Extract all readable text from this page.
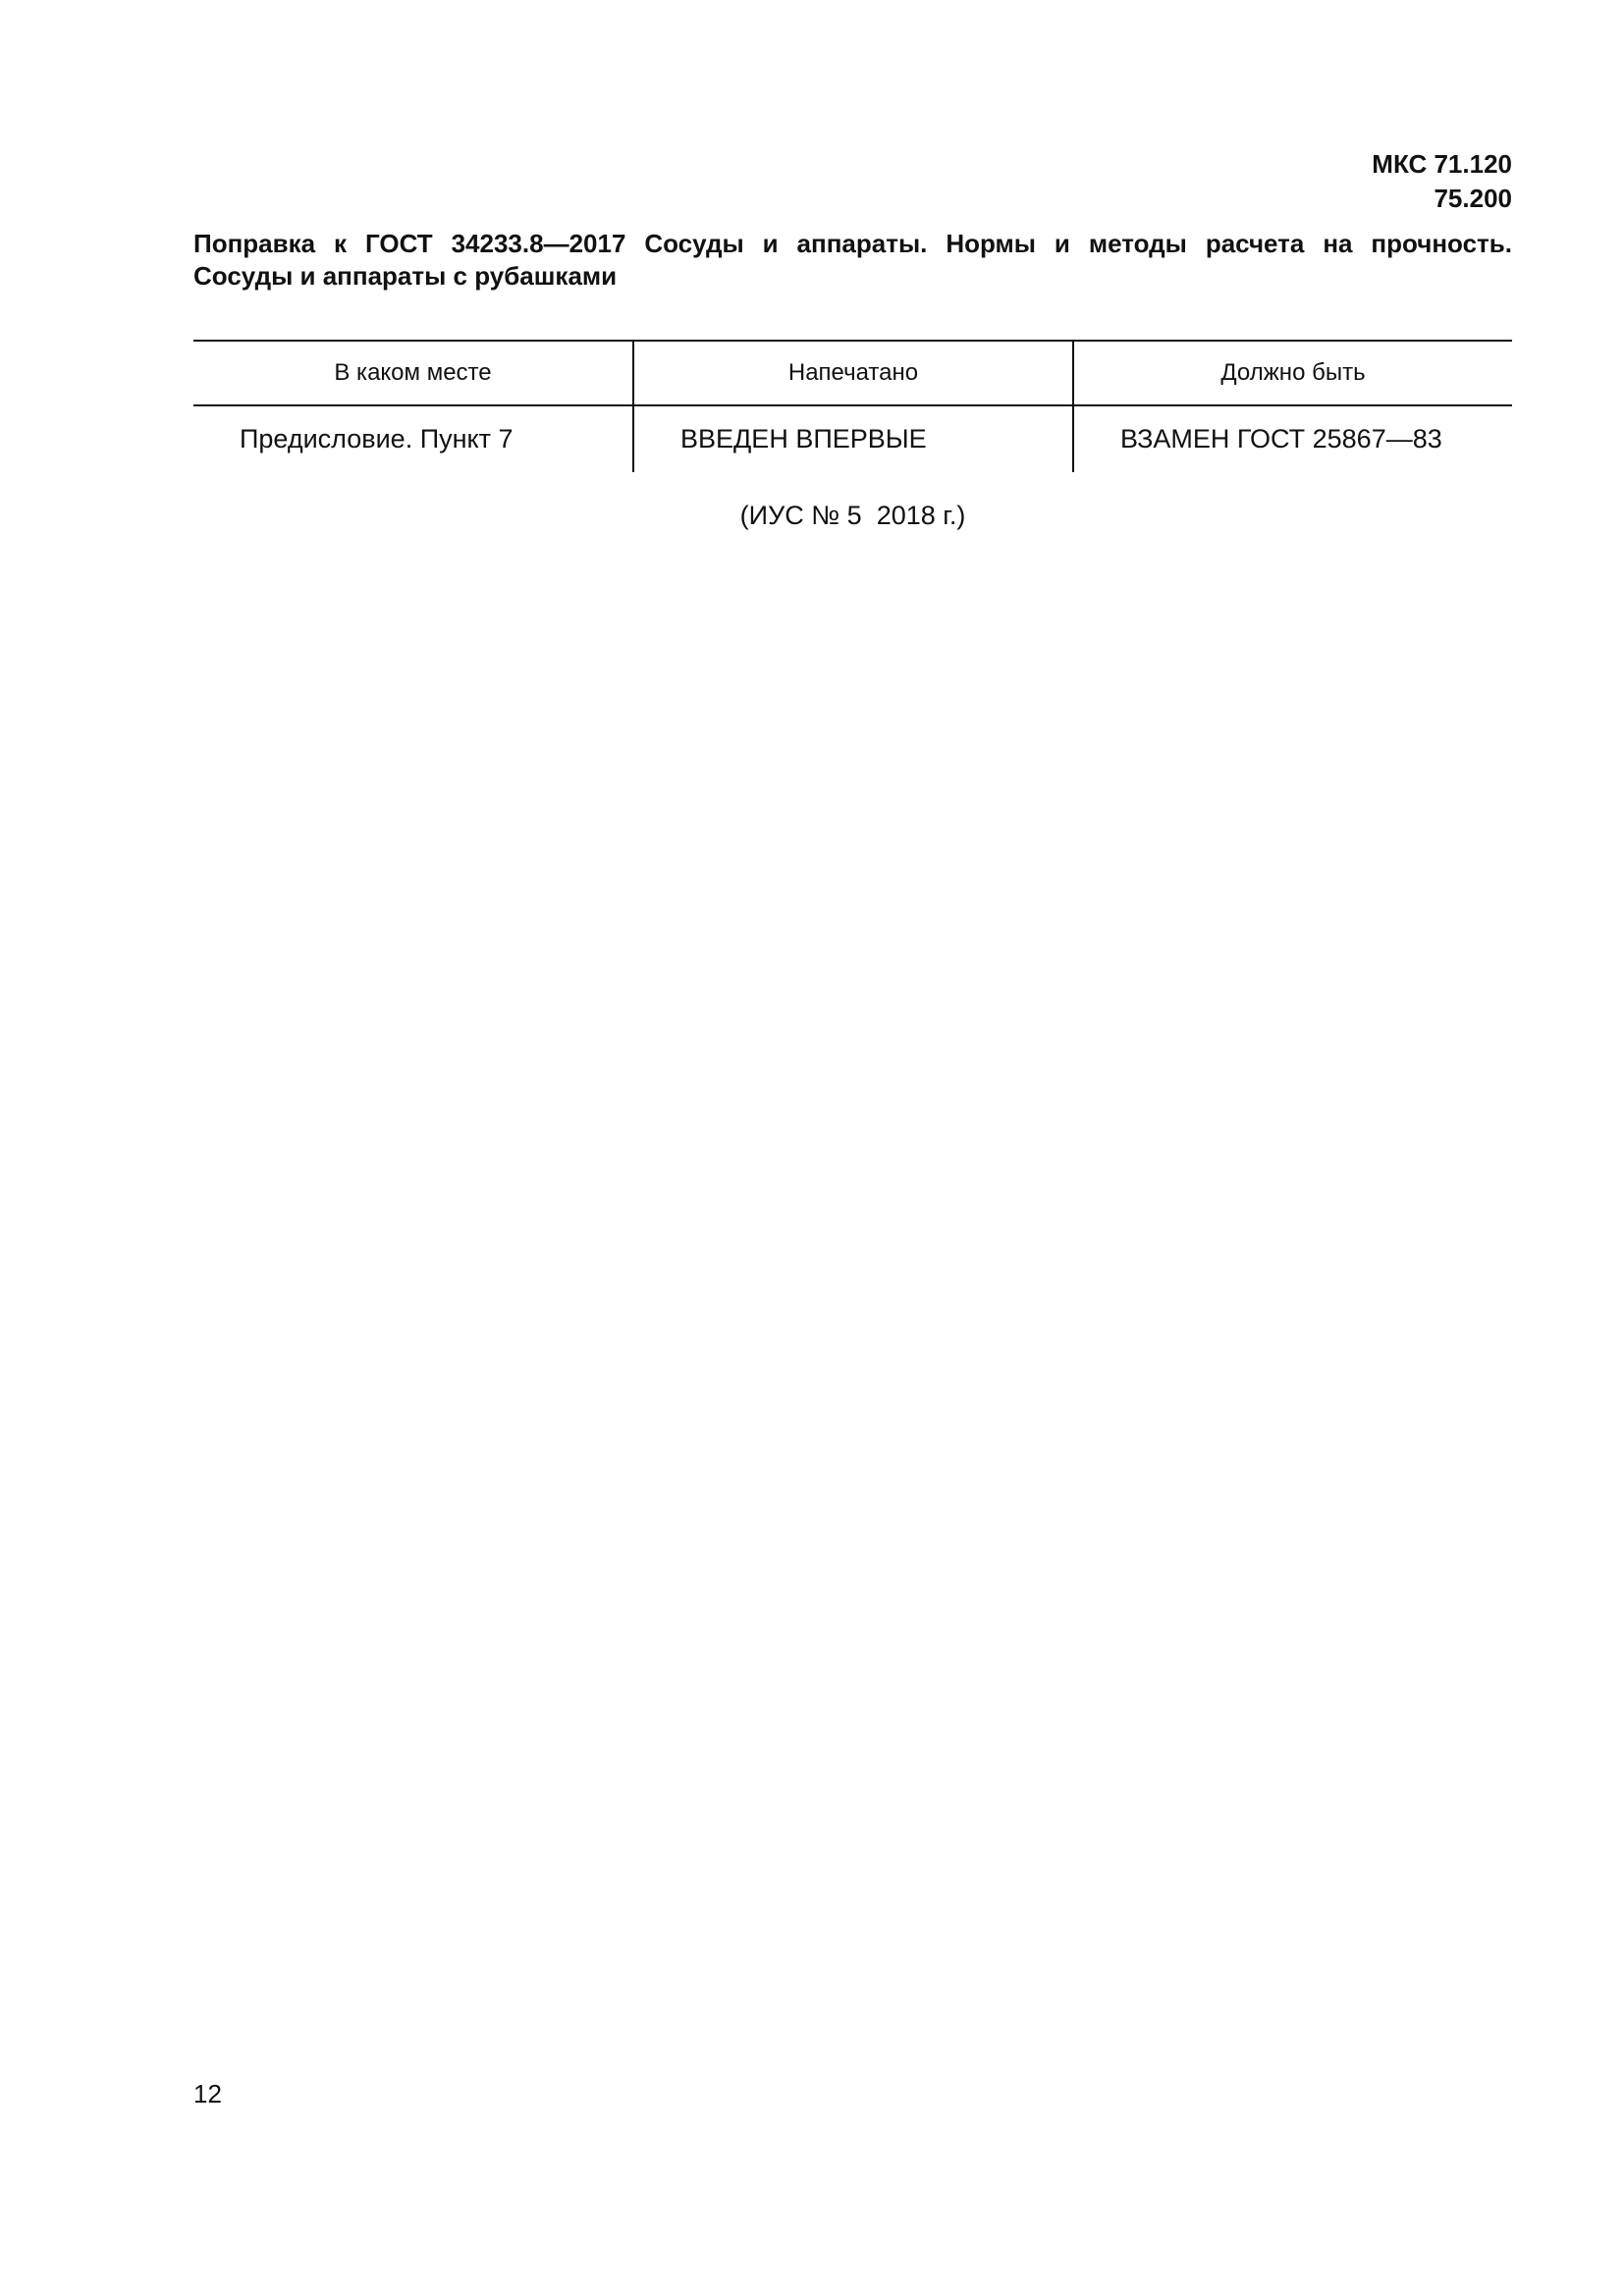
МКС 71.120
75.200
Поправка к ГОСТ 34233.8—2017 Сосуды и аппараты. Нормы и методы расчета на прочность.
Сосуды и аппараты с рубашками
В каком месте	Напечатано	Должно быть
Предисловие. Пункт 7	ВВЕДЕН ВПЕРВЫЕ	ВЗАМЕН ГОСТ 25867—83
(ИУС № 5  2018 г.)
12
